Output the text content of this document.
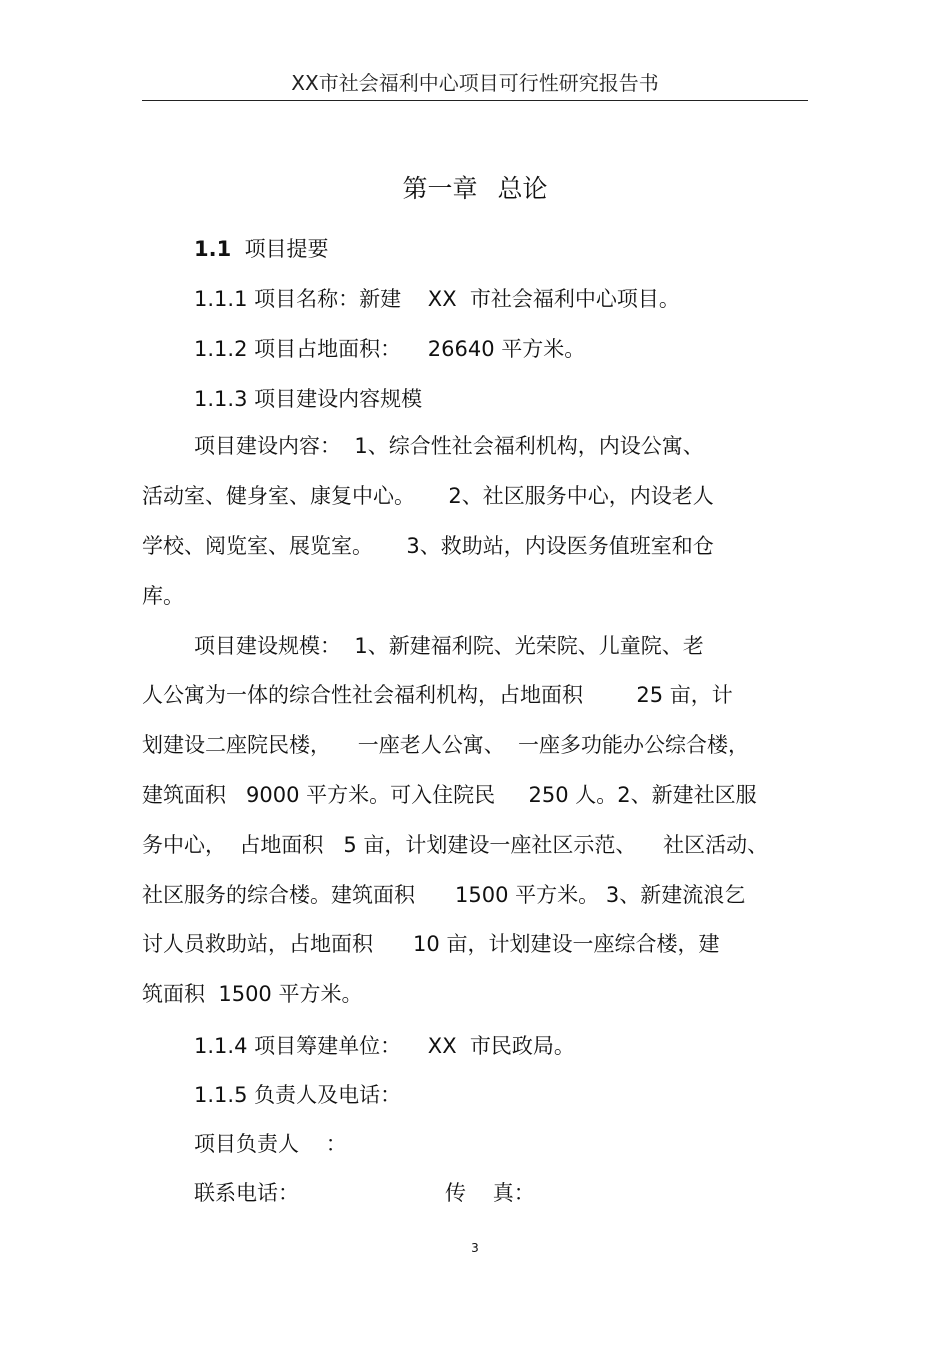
XX市社会福利中心项目可行性研究报告书
第一章 总论
1.1 项目提要
1.1.1 项目名称：新建    XX  市社会福利中心项目。
1.1.2 项目占地面积：    26640 平方米。
1.1.3 项目建设内容规模
项目建设内容：  1、综合性社会福利机构，内设公寓、
活动室、健身室、康复中心。     2、社区服务中心，内设老人
学校、阅览室、展览室。     3、救助站，内设医务值班室和仓
库。
项目建设规模：  1、新建福利院、光荣院、儿童院、老
人公寓为一体的综合性社会福利机构，占地面积        25 亩，计
划建设二座院民楼，    一座老人公寓、  一座多功能办公综合楼，
建筑面积   9000 平方米。可入住院民     250 人。2、新建社区服
务中心，  占地面积   5 亩，计划建设一座社区示范、    社区活动、
社区服务的综合楼。建筑面积      1500 平方米。 3、新建流浪乞
讨人员救助站，占地面积      10 亩，计划建设一座综合楼，建
筑面积  1500 平方米。
1.1.4 项目筹建单位：    XX  市民政局。
1.1.5 负责人及电话：
项目负责人    ：
联系电话：	传    真：
3
